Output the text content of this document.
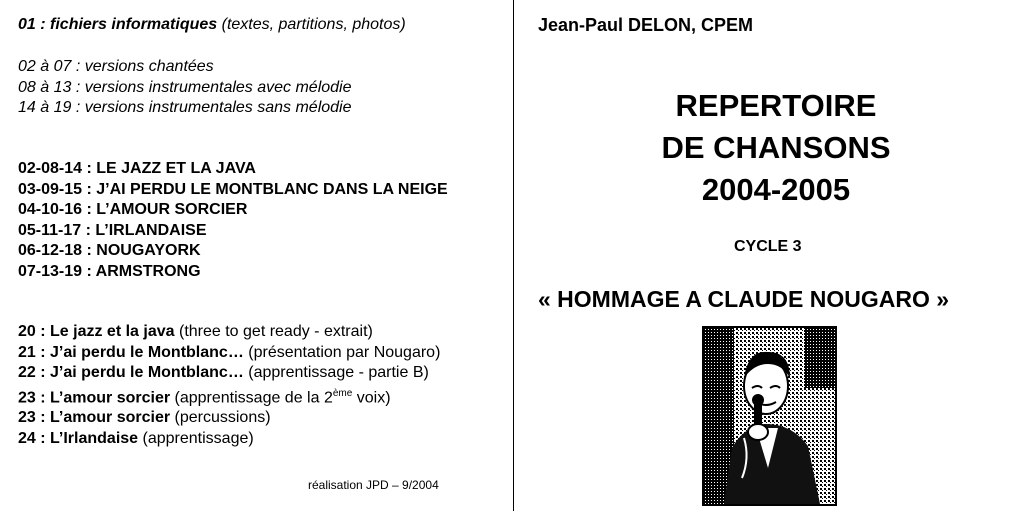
01 : fichiers informatiques (textes, partitions, photos)
02 à 07 : versions chantées
08 à 13 : versions instrumentales avec mélodie
14 à 19 : versions instrumentales sans mélodie
02-08-14 : LE JAZZ ET LA JAVA
03-09-15 : J’AI PERDU LE MONTBLANC DANS LA NEIGE
04-10-16 : L’AMOUR SORCIER
05-11-17 : L’IRLANDAISE
06-12-18 : NOUGAYORK
07-13-19 : ARMSTRONG
20 : Le jazz et la java (three to get ready - extrait)
21 : J’ai perdu le Montblanc… (présentation par Nougaro)
22 : J’ai perdu le Montblanc… (apprentissage - partie B)
23 : L’amour sorcier (apprentissage de la 2ème voix)
23 : L’amour sorcier (percussions)
24 : L’Irlandaise (apprentissage)
réalisation JPD – 9/2004
Jean-Paul DELON, CPEM
REPERTOIRE
DE CHANSONS
2004-2005
CYCLE 3
« HOMMAGE A CLAUDE NOUGARO »
